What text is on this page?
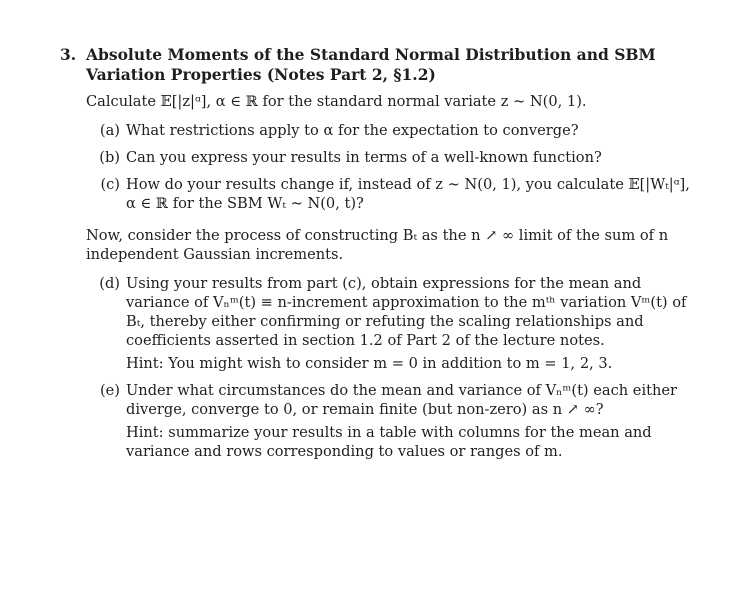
3. Absolute Moments of the Standard Normal Distribution and SBM Variation Properties (Notes Part 2, §1.2)
Calculate 𝔼[|z|ᵅ], α ∈ ℝ for the standard normal variate z ~ N(0, 1).
(a) What restrictions apply to α for the expectation to converge?
(b) Can you express your results in terms of a well-known function?
(c) How do your results change if, instead of z ~ N(0, 1), you calculate 𝔼[|Wₜ|ᵅ], α ∈ ℝ for the SBM Wₜ ~ N(0, t)?
Now, consider the process of constructing Bₜ as the n ↗ ∞ limit of the sum of n independent Gaussian increments.
(d) Using your results from part (c), obtain expressions for the mean and variance of Vₙᵐ(t) ≡ n-increment approximation to the mᵗʰ variation Vᵐ(t) of Bₜ, thereby either confirming or refuting the scaling relationships and coefficients asserted in section 1.2 of Part 2 of the lecture notes.
Hint: You might wish to consider m = 0 in addition to m = 1, 2, 3.
(e) Under what circumstances do the mean and variance of Vₙᵐ(t) each either diverge, converge to 0, or remain finite (but non-zero) as n ↗ ∞?
Hint: summarize your results in a table with columns for the mean and variance and rows corresponding to values or ranges of m.
